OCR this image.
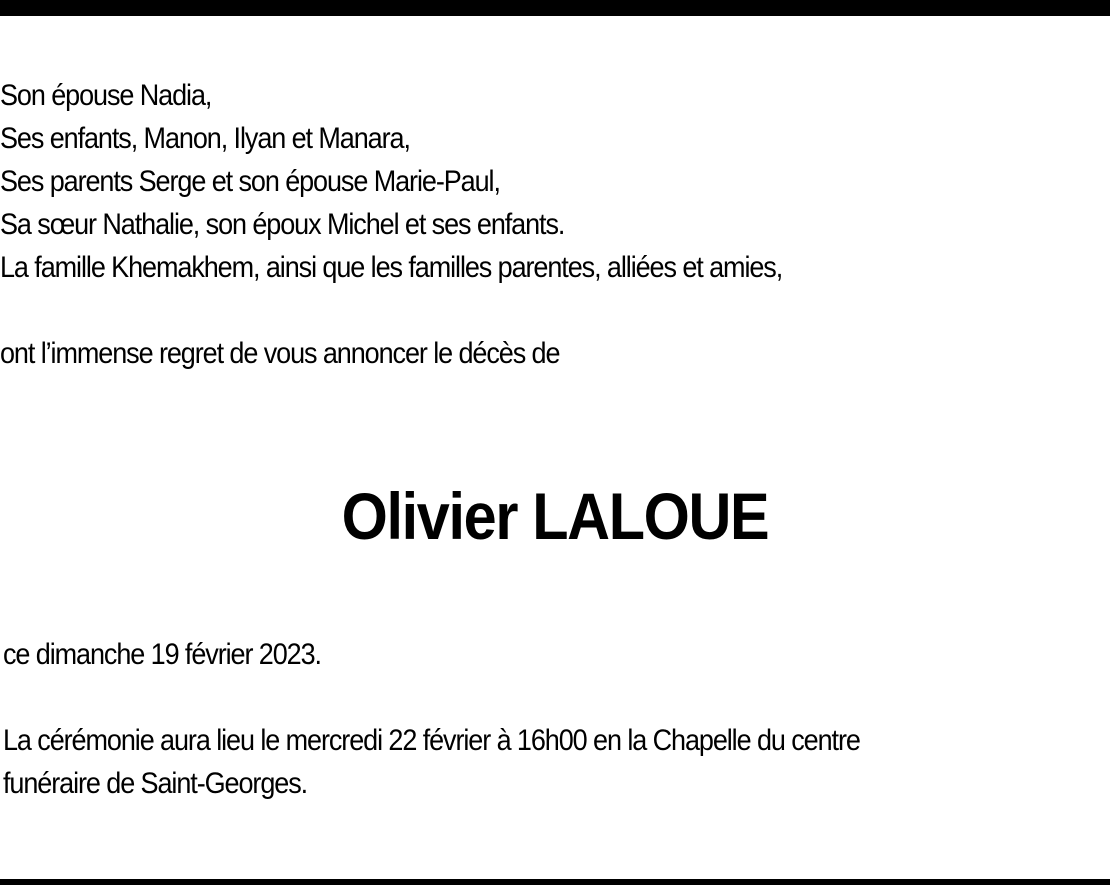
Son épouse Nadia,
Ses enfants, Manon, Ilyan et Manara,
Ses parents Serge et son épouse Marie-Paul,
Sa sœur Nathalie, son époux Michel et ses enfants.
La famille Khemakhem, ainsi que les familles parentes, alliées et amies,
ont l’immense regret de vous annoncer le décès de
Olivier LALOUE
ce dimanche 19 février 2023.
La cérémonie aura lieu le mercredi 22 février à 16h00 en la Chapelle du centre
funéraire de Saint-Georges.
